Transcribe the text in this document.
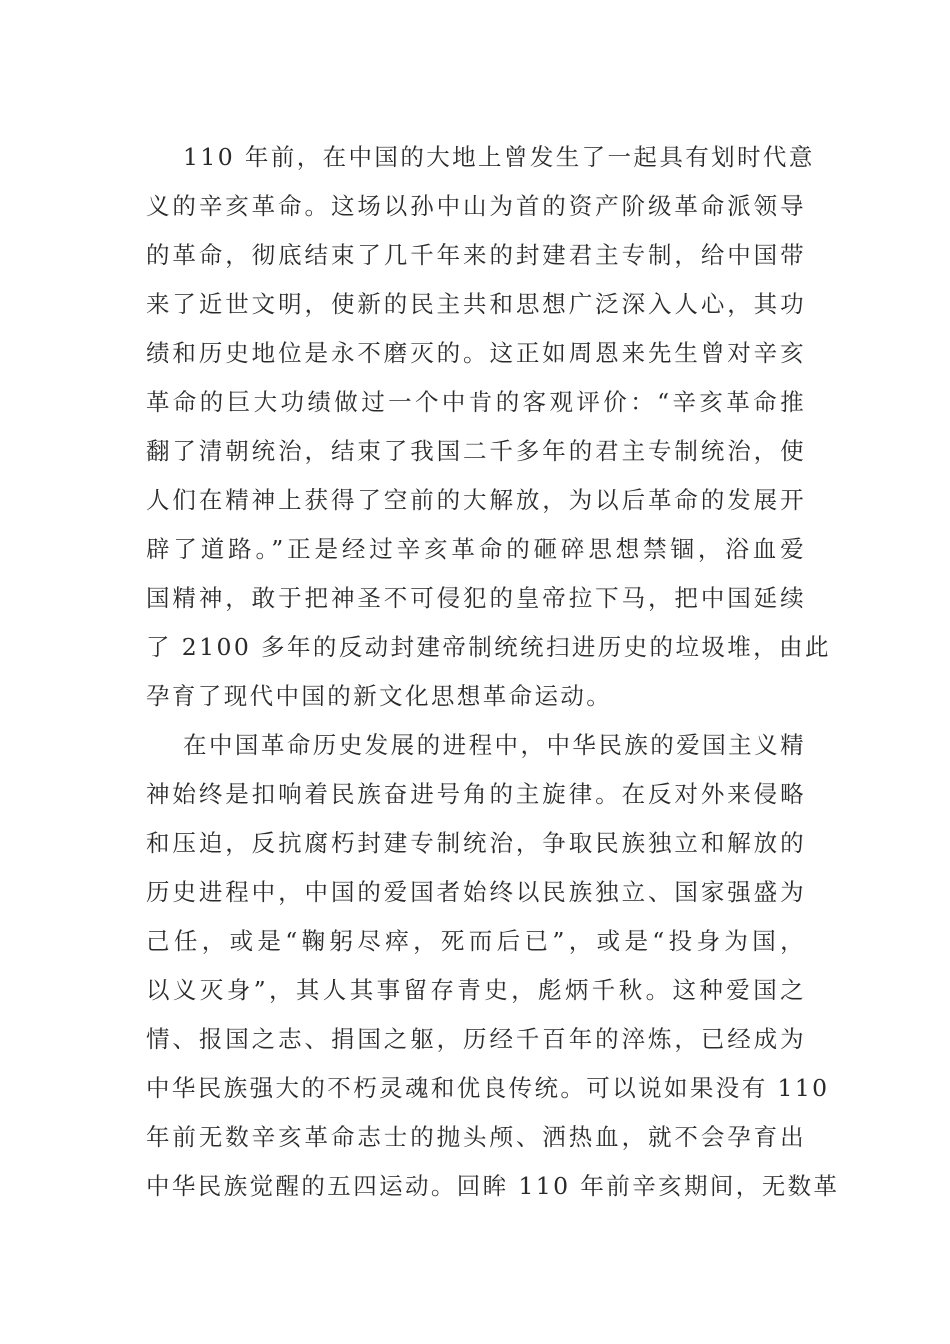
110 年前，在中国的大地上曾发生了一起具有划时代意
义的辛亥革命。这场以孙中山为首的资产阶级革命派领导
的革命，彻底结束了几千年来的封建君主专制，给中国带
来了近世文明，使新的民主共和思想广泛深入人心，其功
绩和历史地位是永不磨灭的。这正如周恩来先生曾对辛亥
革命的巨大功绩做过一个中肯的客观评价：“辛亥革命推
翻了清朝统治，结束了我国二千多年的君主专制统治，使
人们在精神上获得了空前的大解放，为以后革命的发展开
辟了道路。”正是经过辛亥革命的砸碎思想禁锢，浴血爱
国精神，敢于把神圣不可侵犯的皇帝拉下马，把中国延续
了 2100 多年的反动封建帝制统统扫进历史的垃圾堆，由此
孕育了现代中国的新文化思想革命运动。
在中国革命历史发展的进程中，中华民族的爱国主义精
神始终是扣响着民族奋进号角的主旋律。在反对外来侵略
和压迫，反抗腐朽封建专制统治，争取民族独立和解放的
历史进程中，中国的爱国者始终以民族独立、国家强盛为
己任，或是“鞠躬尽瘁，死而后已”，或是“投身为国，
以义灭身”，其人其事留存青史，彪炳千秋。这种爱国之
情、报国之志、捐国之躯，历经千百年的淬炼，已经成为
中华民族强大的不朽灵魂和优良传统。可以说如果没有 110
年前无数辛亥革命志士的抛头颅、洒热血，就不会孕育出
中华民族觉醒的五四运动。回眸 110 年前辛亥期间，无数革
